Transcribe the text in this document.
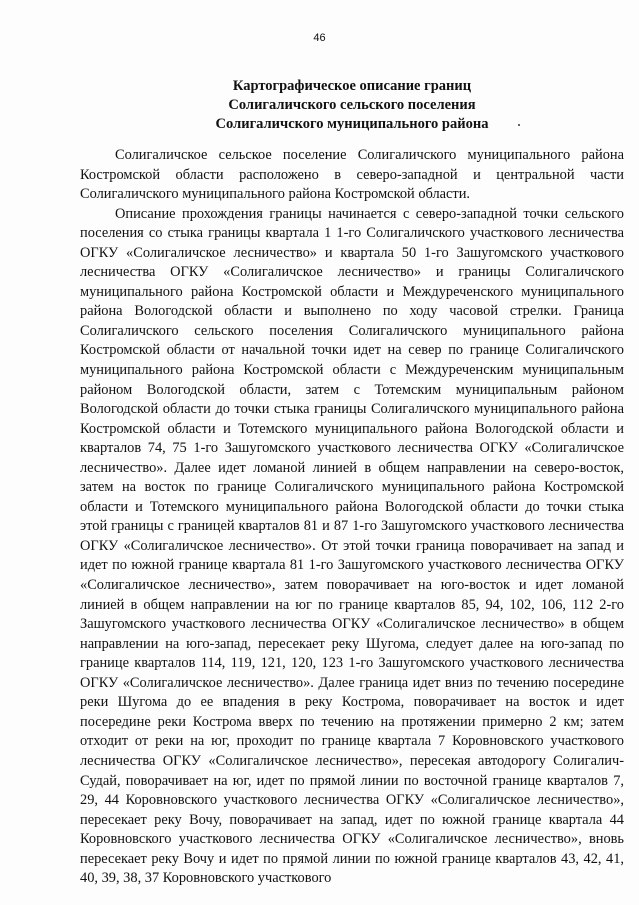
46
Картографическое описание границ
Солигаличского сельского поселения
Солигаличского муниципального района

Солигаличское сельское поселение Солигаличского муниципального района Костромской области расположено в северо-западной и центральной части Солигаличского муниципального района Костромской области.

Описание прохождения границы начинается с северо-западной точки сельского поселения со стыка границы квартала 1 1-го Солигаличского участкового лесничества ОГКУ «Солигаличское лесничество» и квартала 50 1-го Зашугомского участкового лесничества ОГКУ «Солигаличское лесничество» и границы Солигаличского муниципального района Костромской области и Междуреченского муниципального района Вологодской области и выполнено по ходу часовой стрелки. Граница Солигаличского сельского поселения Солигаличского муниципального района Костромской области от начальной точки идет на север по границе Солигаличского муниципального района Костромской области с Междуреченским муниципальным районом Вологодской области, затем с Тотемским муниципальным районом Вологодской области до точки стыка границы Солигаличского муниципального района Костромской области и Тотемского муниципального района Вологодской области и кварталов 74, 75 1-го Зашугомского участкового лесничества ОГКУ «Солигаличское лесничество». Далее идет ломаной линией в общем направлении на северо-восток, затем на восток по границе Солигаличского муниципального района Костромской области и Тотемского муниципального района Вологодской области до точки стыка этой границы с границей кварталов 81 и 87 1-го Зашугомского участкового лесничества ОГКУ «Солигаличское лесничество». От этой точки граница поворачивает на запад и идет по южной границе квартала 81 1-го Зашугомского участкового лесничества ОГКУ «Солигаличское лесничество», затем поворачивает на юго-восток и идет ломаной линией в общем направлении на юг по границе кварталов 85, 94, 102, 106, 112 2-го Зашугомского участкового лесничества ОГКУ «Солигаличское лесничество» в общем направлении на юго-запад, пересекает реку Шугома, следует далее на юго-запад по границе кварталов 114, 119, 121, 120, 123 1-го Зашугомского участкового лесничества ОГКУ «Солигаличское лесничество». Далее граница идет вниз по течению посередине реки Шугома до ее впадения в реку Кострома, поворачивает на восток и идет посередине реки Кострома вверх по течению на протяжении примерно 2 км; затем отходит от реки на юг, проходит по границе квартала 7 Коровновского участкового лесничества ОГКУ «Солигаличское лесничество», пересекая автодорогу Солигалич-Судай, поворачивает на юг, идет по прямой линии по восточной границе кварталов 7, 29, 44 Коровновского участкового лесничества ОГКУ «Солигаличское лесничество», пересекает реку Вочу, поворачивает на запад, идет по южной границе квартала 44 Коровновского участкового лесничества ОГКУ «Солигаличское лесничество», вновь пересекает реку Вочу и идет по прямой линии по южной границе кварталов 43, 42, 41, 40, 39, 38, 37 Коровновского участкового
